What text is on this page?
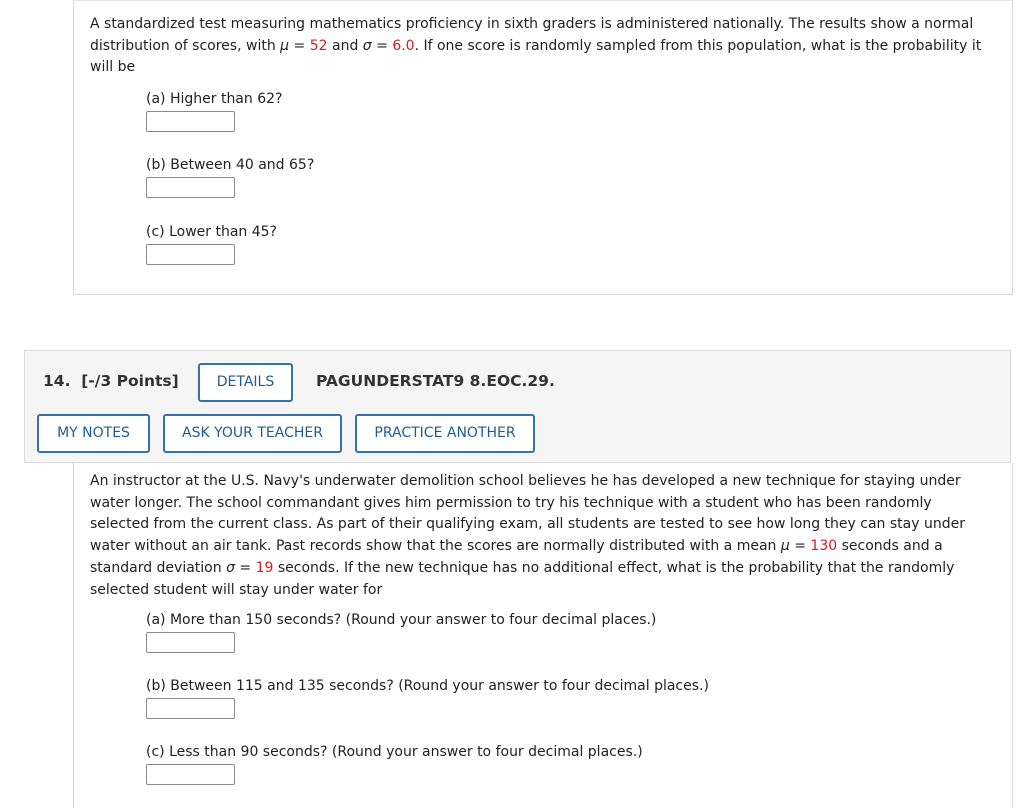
A standardized test measuring mathematics proficiency in sixth graders is administered nationally. The results show a normal distribution of scores, with μ = 52 and σ = 6.0. If one score is randomly sampled from this population, what is the probability it will be

(a) Higher than 62?
(b) Between 40 and 65?
(c) Lower than 45?
14. [-/3 Points]	DETAILS	PAGUNDERSTAT9 8.EOC.29.
MY NOTES	ASK YOUR TEACHER	PRACTICE ANOTHER

An instructor at the U.S. Navy's underwater demolition school believes he has developed a new technique for staying under water longer. The school commandant gives him permission to try his technique with a student who has been randomly selected from the current class. As part of their qualifying exam, all students are tested to see how long they can stay under water without an air tank. Past records show that the scores are normally distributed with a mean μ = 130 seconds and a standard deviation σ = 19 seconds. If the new technique has no additional effect, what is the probability that the randomly selected student will stay under water for

(a) More than 150 seconds? (Round your answer to four decimal places.)
(b) Between 115 and 135 seconds? (Round your answer to four decimal places.)
(c) Less than 90 seconds? (Round your answer to four decimal places.)
